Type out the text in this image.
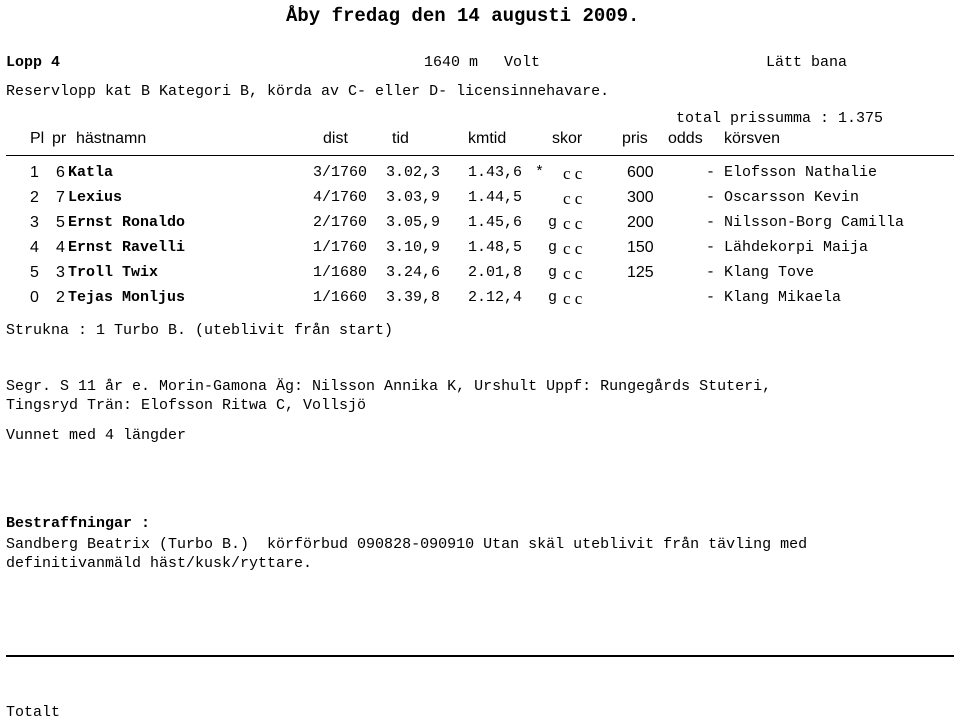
Åby fredag den 14 augusti 2009.
Lopp 4	1640 m Volt	Lätt bana
Reservlopp kat B Kategori B, körda av C- eller D- licensinnehavare.
total prissumma : 1.375
Pl pr hästnamn	dist	tid	kmtid	skor pris odds körsven
1 6 Katla	3/1760 3.02,3 1.43,6 * c c	600	- Elofsson Nathalie
2 7 Lexius	4/1760 3.03,9 1.44,5 c c	300	- Oscarsson Kevin
3 5 Ernst Ronaldo	2/1760 3.05,9 1.45,6 g c c	200	- Nilsson-Borg Camilla
4 4 Ernst Ravelli	1/1760 3.10,9 1.48,5 g c c	150	- Lähdekorpi Maija
5 3 Troll Twix	1/1680 3.24,6 2.01,8 g c c	125	- Klang Tove
0 2 Tejas Monljus	1/1660 3.39,8 2.12,4 g c c	- Klang Mikaela
Strukna : 1 Turbo B. (uteblivit från start)
Segr. S 11 år e. Morin-Gamona Äg: Nilsson Annika K, Urshult Uppf: Rungegårds Stuteri,
Tingsryd Trän: Elofsson Ritwa C, Vollsjö
Vunnet med 4 längder
Bestraffningar :
Sandberg Beatrix (Turbo B.)  körförbud 090828-090910 Utan skäl uteblivit från tävling med
definitivanmäld häst/kusk/ryttare.
Totalt
